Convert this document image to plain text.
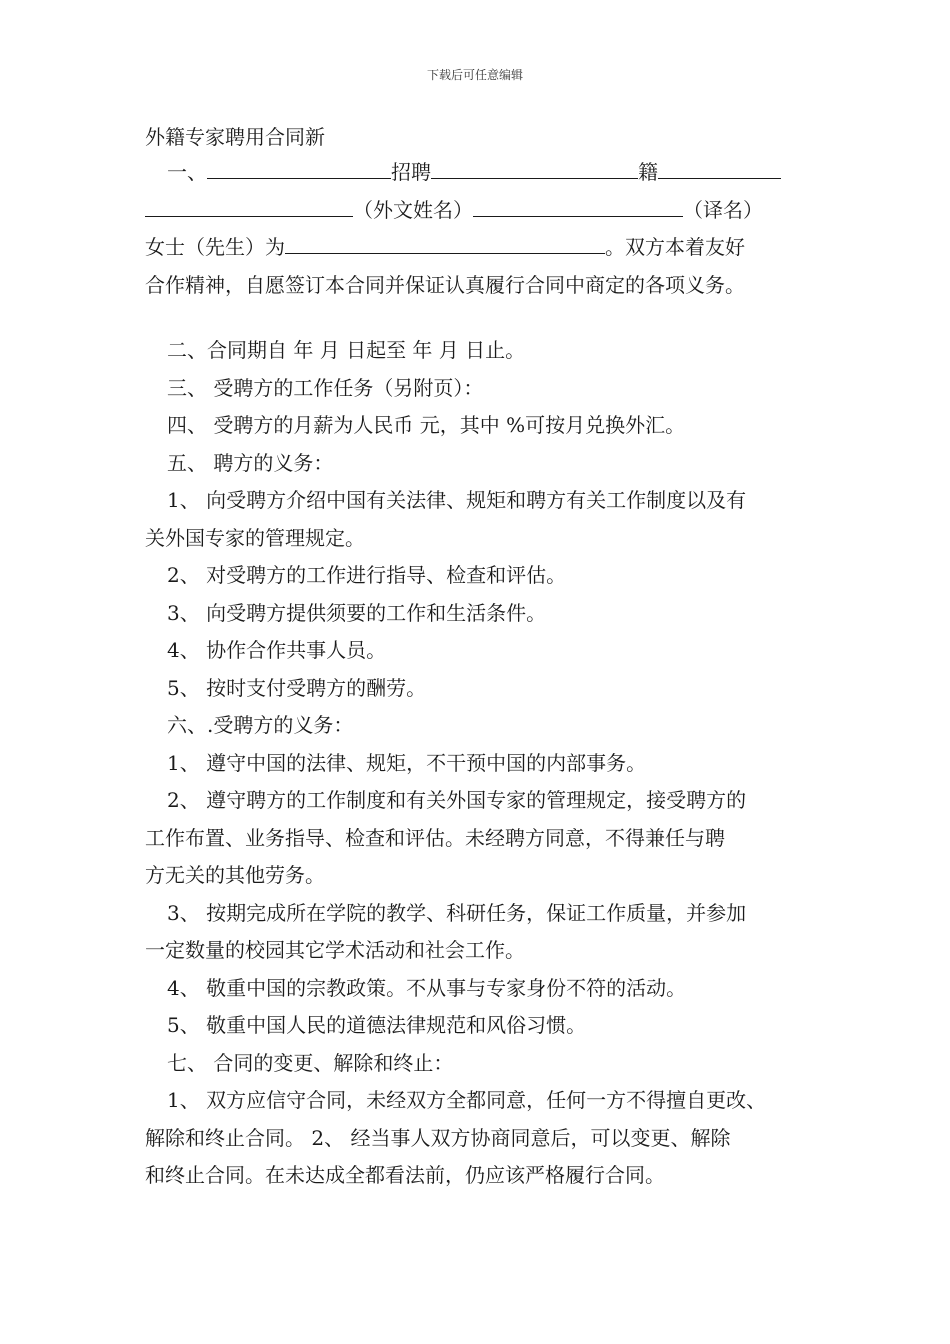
下载后可任意编辑
外籍专家聘用合同新
一、	招聘	籍
（外文姓名）	（译名）
女士（先生）为	。双方本着友好
合作精神，自愿签订本合同并保证认真履行合同中商定的各项义务。
二、合同期自 年 月 日起至 年 月 日止。
三、 受聘方的工作任务（另附页）：
四、 受聘方的月薪为人民币 元，其中 %可按月兑换外汇。
五、 聘方的义务：
1、 向受聘方介绍中国有关法律、规矩和聘方有关工作制度以及有
关外国专家的管理规定。
2、 对受聘方的工作进行指导、检查和评估。
3、 向受聘方提供须要的工作和生活条件。
4、 协作合作共事人员。
5、 按时支付受聘方的酬劳。
六、.受聘方的义务：
1、 遵守中国的法律、规矩，不干预中国的内部事务。
2、 遵守聘方的工作制度和有关外国专家的管理规定，接受聘方的
工作布置、业务指导、检查和评估。未经聘方同意，不得兼任与聘
方无关的其他劳务。
3、 按期完成所在学院的教学、科研任务，保证工作质量，并参加
一定数量的校园其它学术活动和社会工作。
4、 敬重中国的宗教政策。不从事与专家身份不符的活动。
5、 敬重中国人民的道德法律规范和风俗习惯。
七、 合同的变更、解除和终止：
1、 双方应信守合同，未经双方全都同意，任何一方不得擅自更改、
解除和终止合同。 2、 经当事人双方协商同意后，可以变更、解除
和终止合同。在未达成全都看法前，仍应该严格履行合同。
